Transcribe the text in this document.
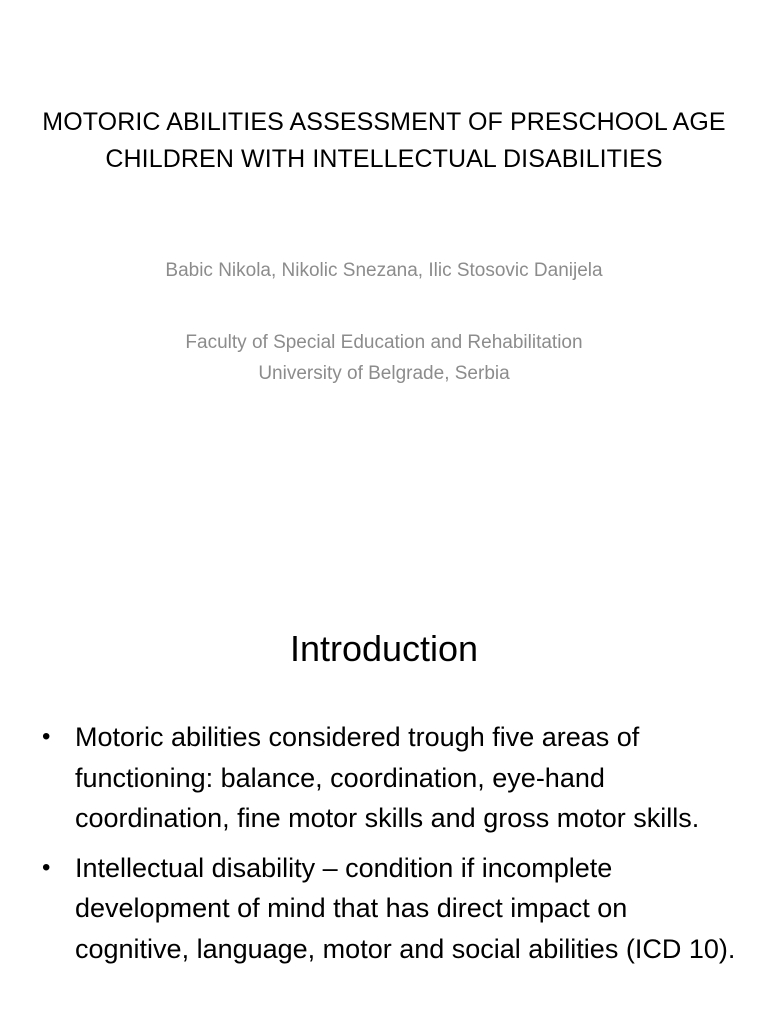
MOTORIC ABILITIES ASSESSMENT OF PRESCHOOL AGE CHILDREN WITH INTELLECTUAL DISABILITIES
Babic Nikola, Nikolic Snezana, Ilic Stosovic Danijela
Faculty of Special Education and Rehabilitation
University of Belgrade, Serbia
Introduction
• Motoric abilities considered trough five areas of functioning: balance, coordination, eye-hand coordination, fine motor skills and gross motor skills.
• Intellectual disability – condition if incomplete development of mind that has direct impact on cognitive, language, motor and social abilities (ICD 10).
